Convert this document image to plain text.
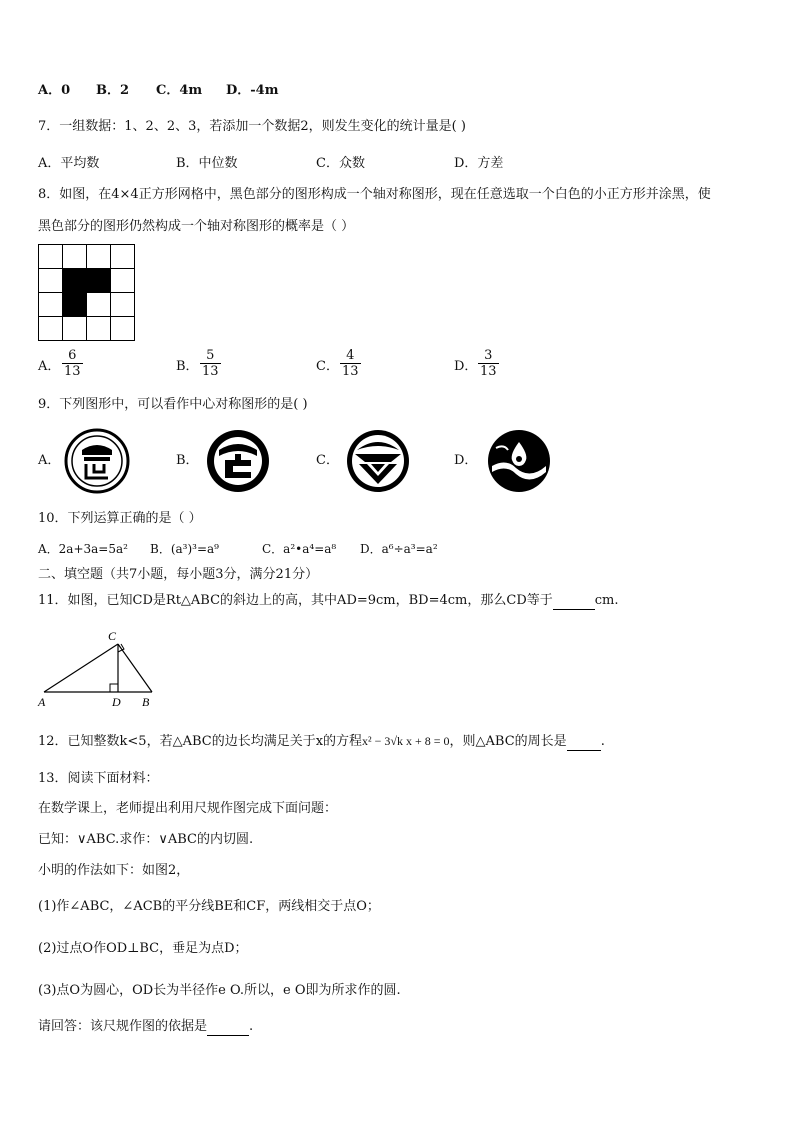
A．0 B．2 C．4m D．-4m
7．一组数据：1、2、2、3，若添加一个数据2，则发生变化的统计量是( )
A．平均数	B．中位数	C．众数	D．方差
8．如图，在4×4正方形网格中，黑色部分的图形构成一个轴对称图形，现在任意选取一个白色的小正方形并涂黑，使
黑色部分的图形仍然构成一个轴对称图形的概率是（ ）

A． $\frac{6}{13}$	B． $\frac{5}{13}$	C． $\frac{4}{13}$	D． $\frac{3}{13}$
9．下列图形中，可以看作中心对称图形的是( )
A．	B．	C．	D．
10．下列运算正确的是（ ）
A．2a+3a=5a² B．(a³)³=a⁹	C．a²•a⁴=a⁸ D．a⁶÷a³=a²
二、填空题（共7小题，每小题3分，满分21分）
11．如图，已知CD是Rt△ABC的斜边上的高，其中AD=9cm，BD=4cm，那么CD等于	cm.
C
A	D B
12．已知整数k<5，若△ABC的边长均满足关于x的方程x² − 3√k x + 8 = 0，则△ABC的周长是	.
13．阅读下面材料：
在数学课上，老师提出利用尺规作图完成下面问题：
已知：∨ABC.求作：∨ABC的内切圆.
小明的作法如下：如图2，
(1)作∠ABC，∠ACB的平分线BE和CF，两线相交于点O；
(2)过点O作OD⊥BC，垂足为点D；
(3)点O为圆心，OD长为半径作e O.所以，e O即为所求作的圆.
请回答：该尺规作图的依据是	.
